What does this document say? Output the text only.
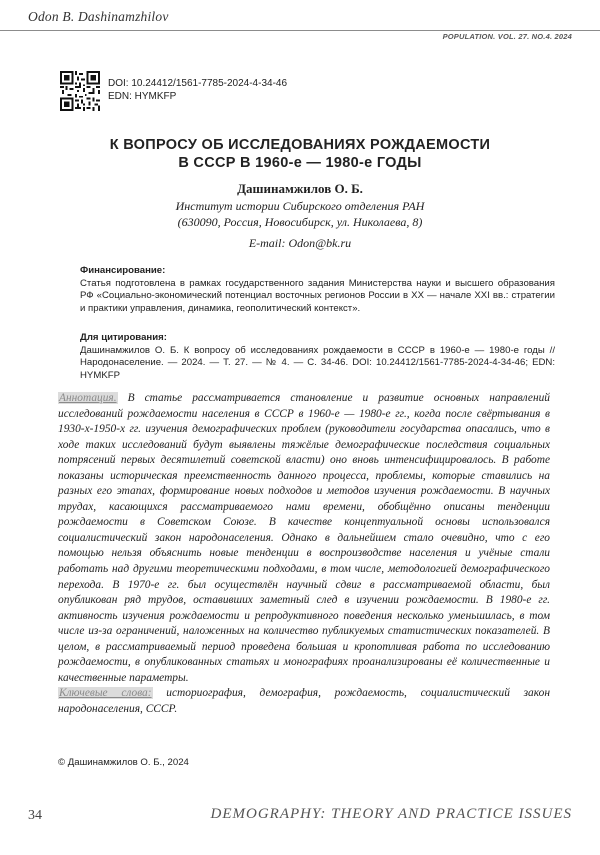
Odon B. Dashinamzhilov
POPULATION. VOL. 27. NO.4. 2024
DOI: 10.24412/1561-7785-2024-4-34-46
EDN: HYMKFP
К ВОПРОСУ ОБ ИССЛЕДОВАНИЯХ РОЖДАЕМОСТИ
В СССР В 1960-е — 1980-е ГОДЫ
Дашинамжилов О. Б.
Институт истории Сибирского отделения РАН
(630090, Россия, Новосибирск, ул. Николаева, 8)
E-mail: Odon@bk.ru
Финансирование:
Статья подготовлена в рамках государственного задания Министерства науки и высшего образования РФ «Социально-экономический потенциал восточных регионов России в XX — начале XXI вв.: стратегии и практики управления, динамика, геополитический контекст».
Для цитирования:
Дашинамжилов О. Б. К вопросу об исследованиях рождаемости в СССР в 1960-е — 1980-е годы // Народонаселение. — 2024. — Т. 27. — № 4. — С. 34-46. DOI: 10.24412/1561-7785-2024-4-34-46; EDN: HYMKFP
Аннотация. В статье рассматривается становление и развитие основных направлений исследований рождаемости населения в СССР в 1960-е — 1980-е гг., когда после свёртывания в 1930-х-1950-х гг. изучения демографических проблем (руководители государства опасались, что в ходе таких исследований будут выявлены тяжёлые демографические последствия социальных потрясений первых десятилетий советской власти) оно вновь интенсифицировалось. В работе показаны историческая преемственность данного процесса, проблемы, которые ставились на разных его этапах, формирование новых подходов и методов изучения рождаемости. В научных трудах, касающихся рассматриваемого нами времени, обобщённо описаны тенденции рождаемости в Советском Союзе. В качестве концептуальной основы использовался социалистический закон народонаселения. Однако в дальнейшем стало очевидно, что с его помощью нельзя объяснить новые тенденции в воспроизводстве населения и учёные стали работать над другими теоретическими подходами, в том числе, методологией демографического перехода. В 1970-е гг. был осуществлён научный сдвиг в рассматриваемой области, был опубликован ряд трудов, оставивших заметный след в изучении рождаемости. В 1980-е гг. активность изучения рождаемости и репродуктивного поведения несколько уменьшилась, в том числе из-за ограничений, наложенных на количество публикуемых статистических показателей. В целом, в рассматриваемый период проведена большая и кропотливая работа по исследованию рождаемости, в опубликованных статьях и монографиях проанализированы её количественные и качественные параметры.
Ключевые слова: историография, демография, рождаемость, социалистический закон народонаселения, СССР.
© Дашинамжилов О. Б., 2024
34	DEMOGRAPHY: THEORY AND PRACTICE ISSUES
